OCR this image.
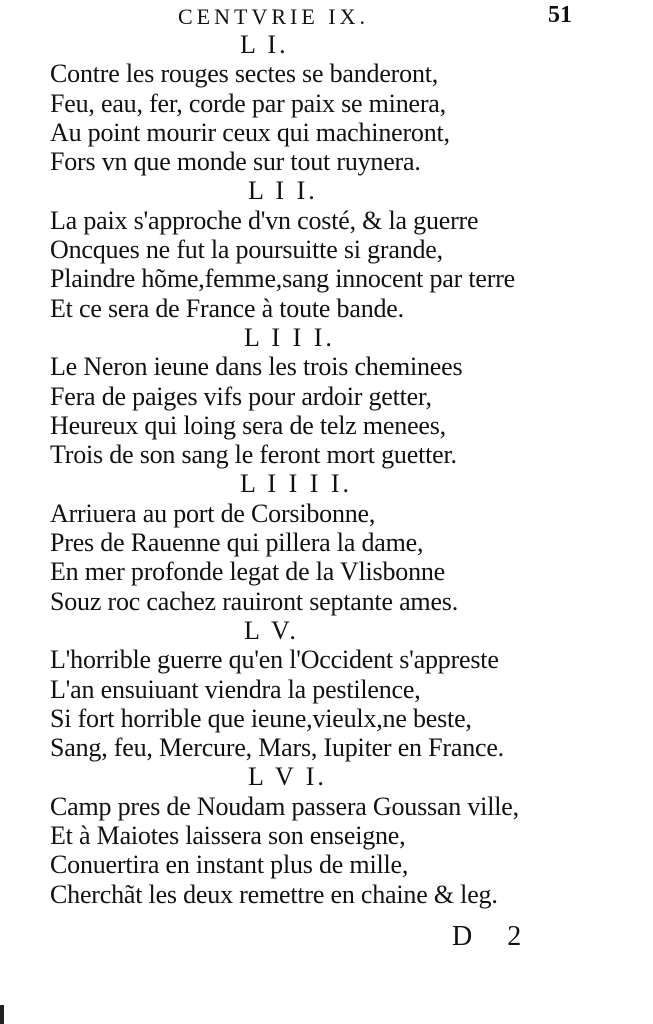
CENTVRIE IX.	51
L I.
Contre les rouges sectes se banderont,
Feu, eau, fer, corde par paix se minera,
Au point mourir ceux qui machineront,
Fors vn que monde sur tout ruynera.
L I I.
La paix s'approche d'vn costé, & la guerre
Oncques ne fut la poursuitte si grande,
Plaindre hõme,femme,sang innocent par terre
Et ce sera de France à toute bande.
L I I I.
Le Neron ieune dans les trois cheminees
Fera de paiges vifs pour ardoir getter,
Heureux qui loing sera de telz menees,
Trois de son sang le feront mort guetter.
L I I I I.
Arriuera au port de Corsibonne,
Pres de Rauenne qui pillera la dame,
En mer profonde legat de la Vlisbonne
Souz roc cachez rauiront septante ames.
L V.
L'horrible guerre qu'en l'Occident s'appreste
L'an ensuiuant viendra la pestilence,
Si fort horrible que ieune,vieulx,ne beste,
Sang, feu, Mercure, Mars, Iupiter en France.
L V I.
Camp pres de Noudam passera Goussan ville,
Et à Maiotes laissera son enseigne,
Conuertira en instant plus de mille,
Cherchãt les deux remettre en chaine & leg.
D 2
